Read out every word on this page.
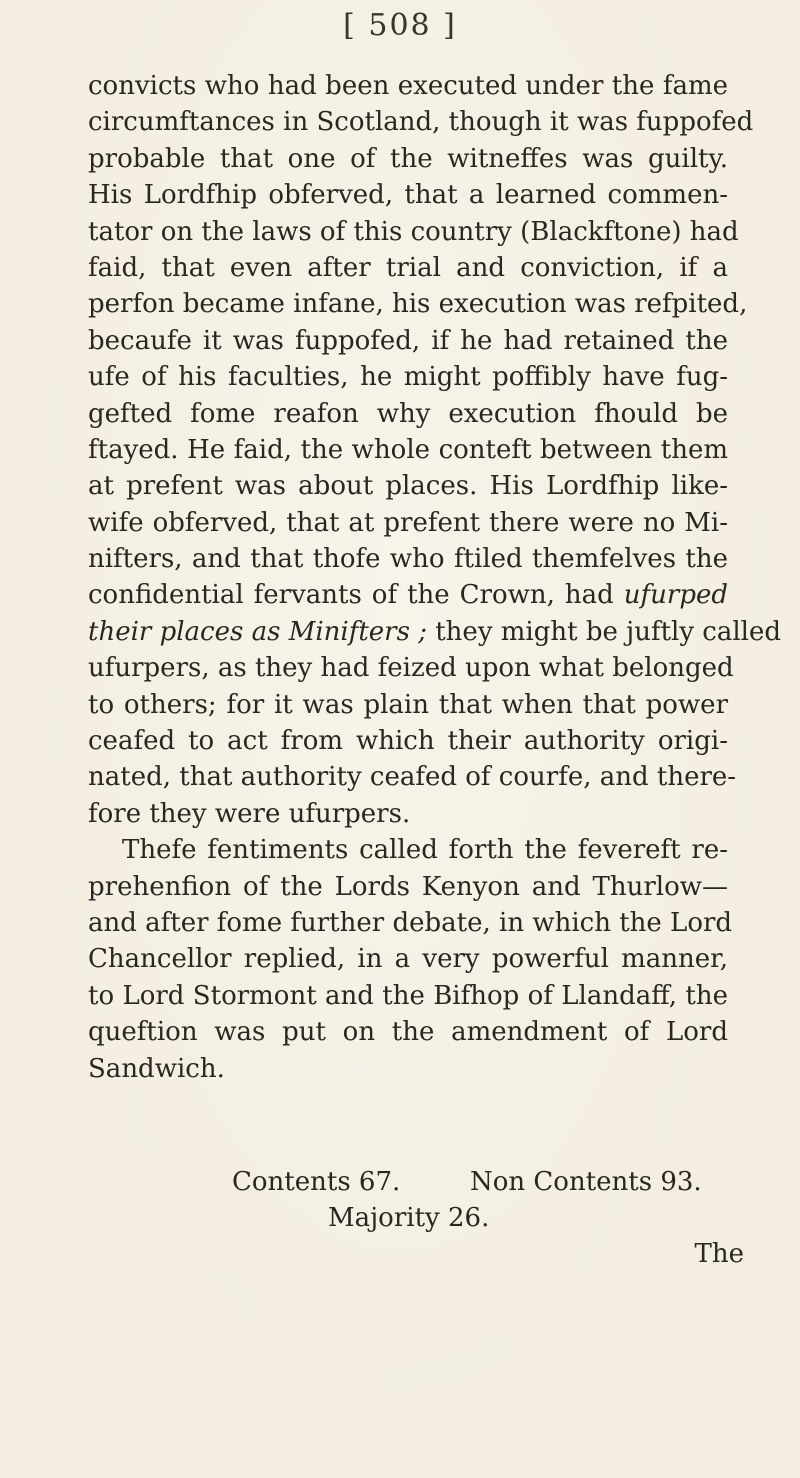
[ 508 ]
convicts who had been executed under the fame
circumftances in Scotland, though it was fuppofed
probable that one of the witneffes was guilty.
His Lordfhip obferved, that a learned commen-
tator on the laws of this country (Blackftone) had
faid, that even after trial and conviction, if a
perfon became infane, his execution was refpited,
becaufe it was fuppofed, if he had retained the
ufe of his faculties, he might poffibly have fug-
gefted fome reafon why execution fhould be
ftayed. He faid, the whole conteft between them
at prefent was about places. His Lordfhip like-
wife obferved, that at prefent there were no Mi-
nifters, and that thofe who ftiled themfelves the
confidential fervants of the Crown, had ufurped
their places as Minifters ; they might be juftly called
ufurpers, as they had feized upon what belonged
to others; for it was plain that when that power
ceafed to act from which their authority origi-
nated, that authority ceafed of courfe, and there-
fore they were ufurpers.
Thefe fentiments called forth the fevereft re-
prehenfion of the Lords Kenyon and Thurlow—
and after fome further debate, in which the Lord
Chancellor replied, in a very powerful manner,
to Lord Stormont and the Bifhop of Llandaff, the
queftion was put on the amendment of Lord
Sandwich.
Contents 67.	Non Contents 93.
Majority 26.
The
